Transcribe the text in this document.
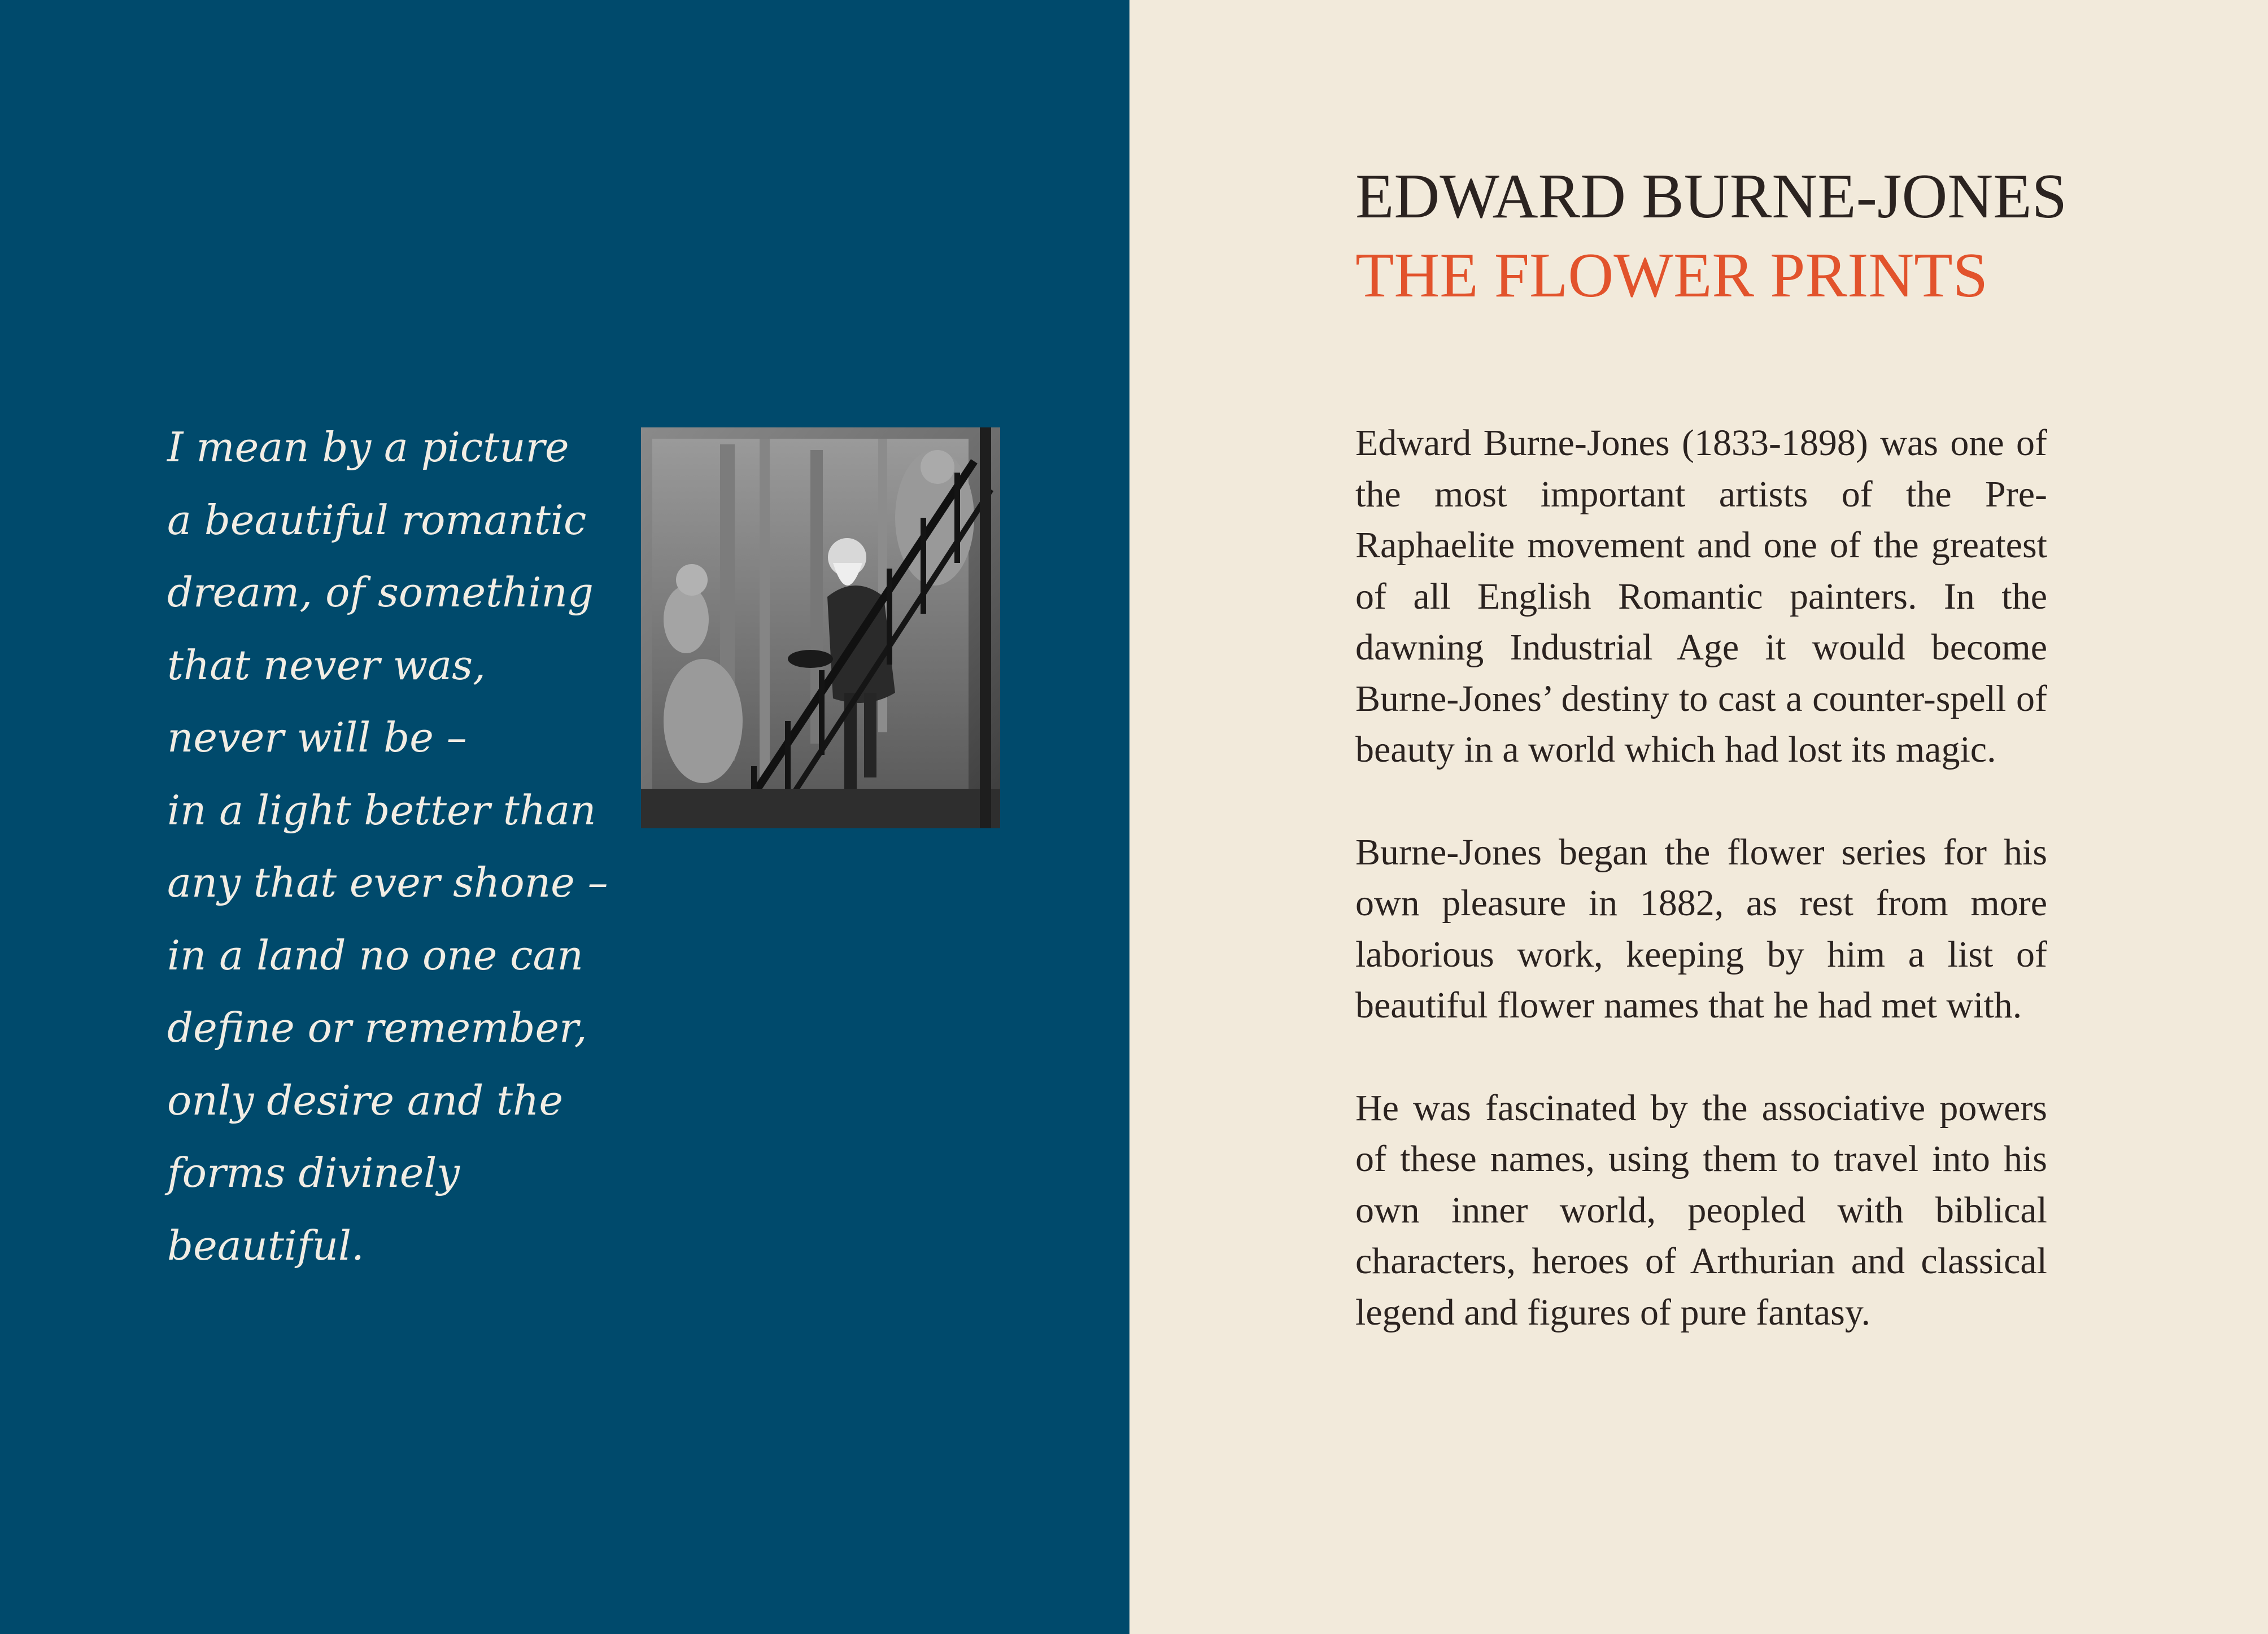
I mean by a picture
a beautiful romantic
dream, of something
that never was,
never will be –
in a light better than
any that ever shone –
in a land no one can
define or remember,
only desire and the
forms divinely
beautiful.
EDWARD BURNE-JONES
THE FLOWER PRINTS

Edward Burne-Jones (1833-1898) was one of the most important artists of the Pre-Raphaelite movement and one of the greatest of all English Romantic painters. In the dawning Industrial Age it would become Burne-Jones’ destiny to cast a counter-spell of beauty in a world which had lost its magic.

Burne-Jones began the flower series for his own pleasure in 1882, as rest from more laborious work, keeping by him a list of beautiful flower names that he had met with.

He was fascinated by the associative powers of these names, using them to travel into his own inner world, peopled with biblical characters, heroes of Arthurian and classical legend and figures of pure fantasy.
